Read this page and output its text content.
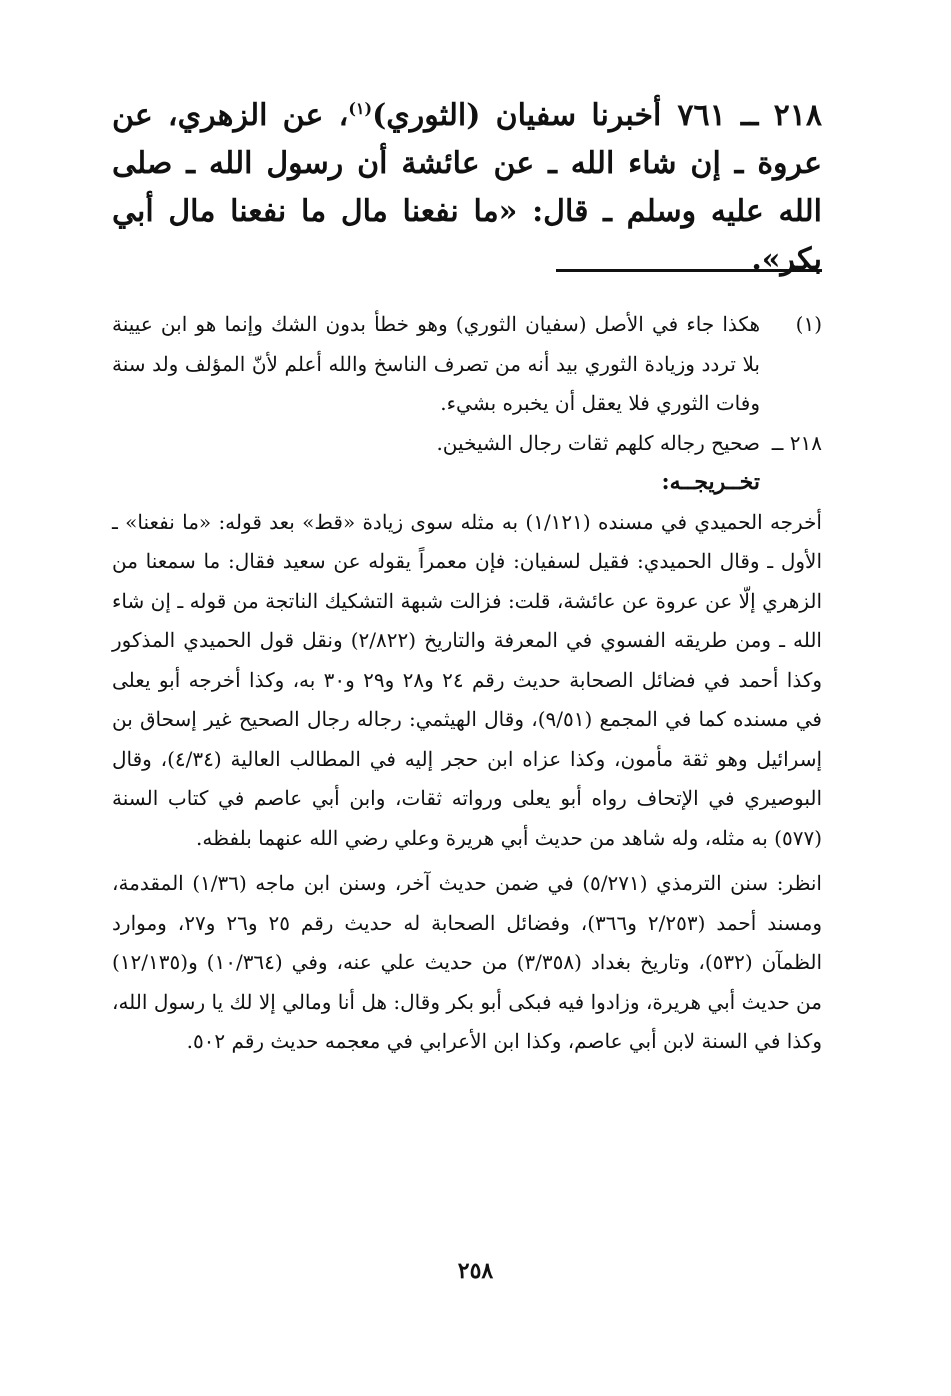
٢١٨ ــ ٧٦١أخبرنا سفيان (الثوري)$^{(١)}$، عن الزهري، عن عروة ـ إن شاء الله ـ عن عائشة أن رسول الله ـ صلى الله عليه وسلم ـ قال: «ما نفعنا مال ما نفعنا مال أبي بكر».
(١)
هكذا جاء في الأصل (سفيان الثوري) وهو خطأ بدون الشك وإنما هو ابن عيينة بلا تردد وزيادة الثوري بيد أنه من تصرف الناسخ والله أعلم لأنّ المؤلف ولد سنة وفات الثوري فلا يعقل أن يخبره بشيء.
٢١٨ ــ
صحيح رجاله كلهم ثقات رجال الشيخين.
تخــريجــه:
أخرجه الحميدي في مسنده (١/١٢١) به مثله سوى زيادة «قط» بعد قوله: «ما نفعنا» ـ الأول ـ وقال الحميدي: فقيل لسفيان: فإن معمراً يقوله عن سعيد فقال: ما سمعنا من الزهري إلّا عن عروة عن عائشة، قلت: فزالت شبهة التشكيك الناتجة من قوله ـ إن شاء الله ـ ومن طريقه الفسوي في المعرفة والتاريخ (٢/٨٢٢) ونقل قول الحميدي المذكور وكذا أحمد في فضائل الصحابة حديث رقم ٢٤ و٢٨ و٢٩ و٣٠ به، وكذا أخرجه أبو يعلى في مسنده كما في المجمع (٩/٥١)، وقال الهيثمي: رجاله رجال الصحيح غير إسحاق بن إسرائيل وهو ثقة مأمون، وكذا عزاه ابن حجر إليه في المطالب العالية (٤/٣٤)، وقال البوصيري في الإتحاف رواه أبو يعلى ورواته ثقات، وابن أبي عاصم في كتاب السنة (٥٧٧) به مثله، وله شاهد من حديث أبي هريرة وعلي رضي الله عنهما بلفظه.
انظر: سنن الترمذي (٥/٢٧١) في ضمن حديث آخر، وسنن ابن ماجه (١/٣٦) المقدمة، ومسند أحمد (٢/٢٥٣ و٣٦٦)، وفضائل الصحابة له حديث رقم ٢٥ و٢٦ و٢٧، وموارد الظمآن (٥٣٢)، وتاريخ بغداد (٣/٣٥٨) من حديث علي عنه، وفي (١٠/٣٦٤) و(١٢/١٣٥) من حديث أبي هريرة، وزادوا فيه فبكى أبو بكر وقال: هل أنا ومالي إلا لك يا رسول الله، وكذا في السنة لابن أبي عاصم، وكذا ابن الأعرابي في معجمه حديث رقم ٥٠٢.
٢٥٨
